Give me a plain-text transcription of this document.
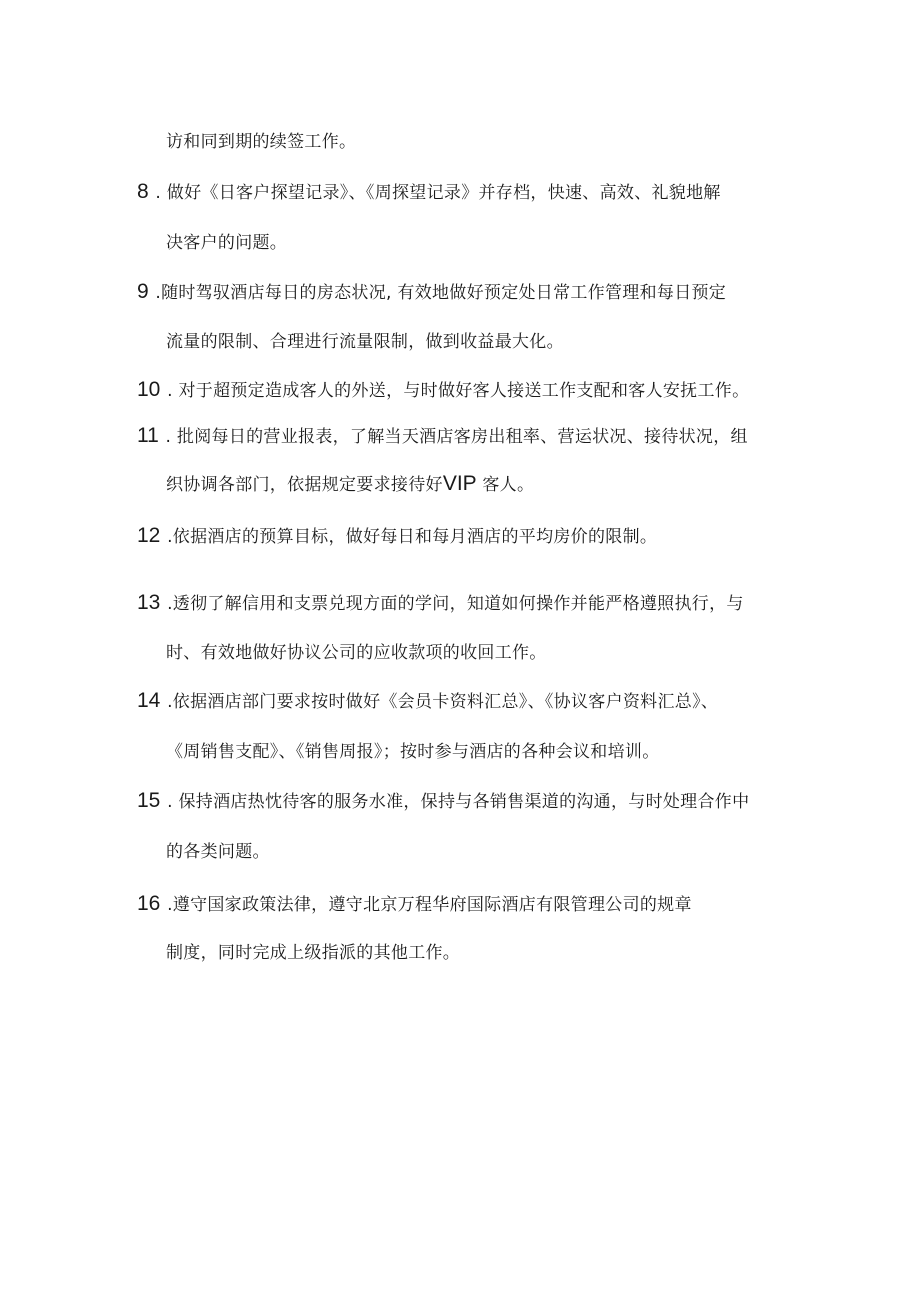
访和同到期的续签工作。
8 . 做好《日客户探望记录》、《周探望记录》并存档，快速、高效、礼貌地解
决客户的问题。
9 .随时驾驭酒店每日的房态状况, 有效地做好预定处日常工作管理和每日预定
流量的限制、合理进行流量限制，做到收益最大化。
10 . 对于超预定造成客人的外送，与时做好客人接送工作支配和客人安抚工作。
11 . 批阅每日的营业报表，了解当天酒店客房出租率、营运状况、接待状况，组
织协调各部门，依据规定要求接待好VIP 客人。
12 .依据酒店的预算目标，做好每日和每月酒店的平均房价的限制。
13 .透彻了解信用和支票兑现方面的学问，知道如何操作并能严格遵照执行，与
时、有效地做好协议公司的应收款项的收回工作。
14 .依据酒店部门要求按时做好《会员卡资料汇总》、《协议客户资料汇总》、
《周销售支配》、《销售周报》；按时参与酒店的各种会议和培训。
15 . 保持酒店热忱待客的服务水准，保持与各销售渠道的沟通，与时处理合作中
的各类问题。
16 .遵守国家政策法律，遵守北京万程华府国际酒店有限管理公司的规章
制度，同时完成上级指派的其他工作。
